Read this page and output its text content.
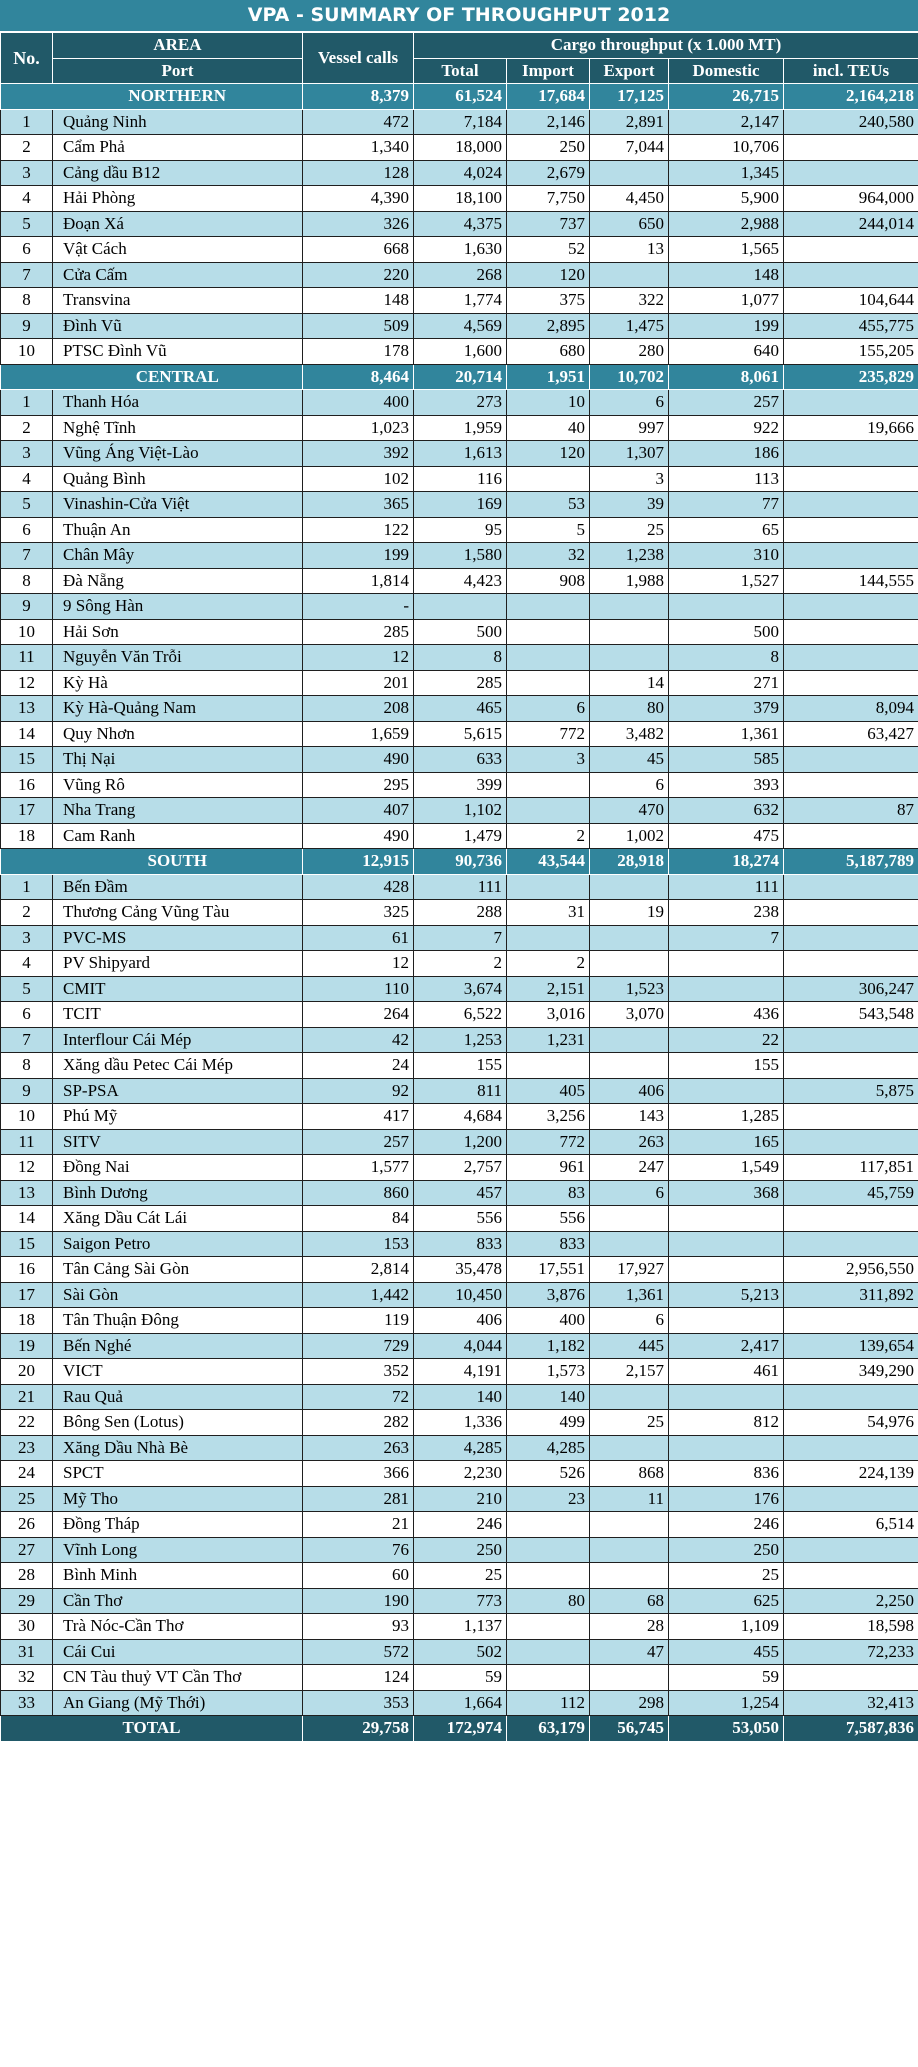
VPA - SUMMARY OF THROUGHPUT 2012
No.	AREA	Vessel calls	Cargo throughput (x 1.000 MT)				
	Port		Total	Import	Export	Domestic	incl. TEUs
	NORTHERN	8,379	61,524	17,684	17,125	26,715	2,164,218
1	Quảng Ninh	472	7,184	2,146	2,891	2,147	240,580
2	Cẩm Phả	1,340	18,000	250	7,044	10,706	
3	Cảng dầu B12	128	4,024	2,679		1,345	
4	Hải Phòng	4,390	18,100	7,750	4,450	5,900	964,000
5	Đoạn Xá	326	4,375	737	650	2,988	244,014
6	Vật Cách	668	1,630	52	13	1,565	
7	Cửa Cấm	220	268	120		148	
8	Transvina	148	1,774	375	322	1,077	104,644
9	Đình Vũ	509	4,569	2,895	1,475	199	455,775
10	PTSC Đình Vũ	178	1,600	680	280	640	155,205
	CENTRAL	8,464	20,714	1,951	10,702	8,061	235,829
1	Thanh Hóa	400	273	10	6	257	
2	Nghệ Tĩnh	1,023	1,959	40	997	922	19,666
3	Vũng Áng Việt-Lào	392	1,613	120	1,307	186	
4	Quảng Bình	102	116		3	113	
5	Vinashin-Cửa Việt	365	169	53	39	77	
6	Thuận An	122	95	5	25	65	
7	Chân Mây	199	1,580	32	1,238	310	
8	Đà Nẵng	1,814	4,423	908	1,988	1,527	144,555
9	9 Sông Hàn	-					
10	Hải Sơn	285	500			500	
11	Nguyễn Văn Trỗi	12	8			8	
12	Kỳ Hà	201	285		14	271	
13	Kỳ Hà-Quảng Nam	208	465	6	80	379	8,094
14	Quy Nhơn	1,659	5,615	772	3,482	1,361	63,427
15	Thị Nại	490	633	3	45	585	
16	Vũng Rô	295	399		6	393	
17	Nha Trang	407	1,102		470	632	87
18	Cam Ranh	490	1,479	2	1,002	475	
	SOUTH	12,915	90,736	43,544	28,918	18,274	5,187,789
1	Bến Đầm	428	111			111	
2	Thương Cảng Vũng Tàu	325	288	31	19	238	
3	PVC-MS	61	7			7	
4	PV Shipyard	12	2	2			
5	CMIT	110	3,674	2,151	1,523		306,247
6	TCIT	264	6,522	3,016	3,070	436	543,548
7	Interflour Cái Mép	42	1,253	1,231		22	
8	Xăng dầu Petec Cái Mép	24	155			155	
9	SP-PSA	92	811	405	406		5,875
10	Phú Mỹ	417	4,684	3,256	143	1,285	
11	SITV	257	1,200	772	263	165	
12	Đồng Nai	1,577	2,757	961	247	1,549	117,851
13	Bình Dương	860	457	83	6	368	45,759
14	Xăng Dầu Cát Lái	84	556	556			
15	Saigon Petro	153	833	833			
16	Tân Cảng Sài Gòn	2,814	35,478	17,551	17,927		2,956,550
17	Sài Gòn	1,442	10,450	3,876	1,361	5,213	311,892
18	Tân Thuận Đông	119	406	400	6		
19	Bến Nghé	729	4,044	1,182	445	2,417	139,654
20	VICT	352	4,191	1,573	2,157	461	349,290
21	Rau Quả	72	140	140			
22	Bông Sen (Lotus)	282	1,336	499	25	812	54,976
23	Xăng Dầu Nhà Bè	263	4,285	4,285			
24	SPCT	366	2,230	526	868	836	224,139
25	Mỹ Tho	281	210	23	11	176	
26	Đồng Tháp	21	246			246	6,514
27	Vĩnh Long	76	250			250	
28	Bình Minh	60	25			25	
29	Cần Thơ	190	773	80	68	625	2,250
30	Trà Nóc-Cần Thơ	93	1,137		28	1,109	18,598
31	Cái Cui	572	502		47	455	72,233
32	CN Tàu thuỷ VT Cần Thơ	124	59			59	
33	An Giang (Mỹ Thới)	353	1,664	112	298	1,254	32,413
TOTAL		29,758	172,974	63,179	56,745	53,050	7,587,836
